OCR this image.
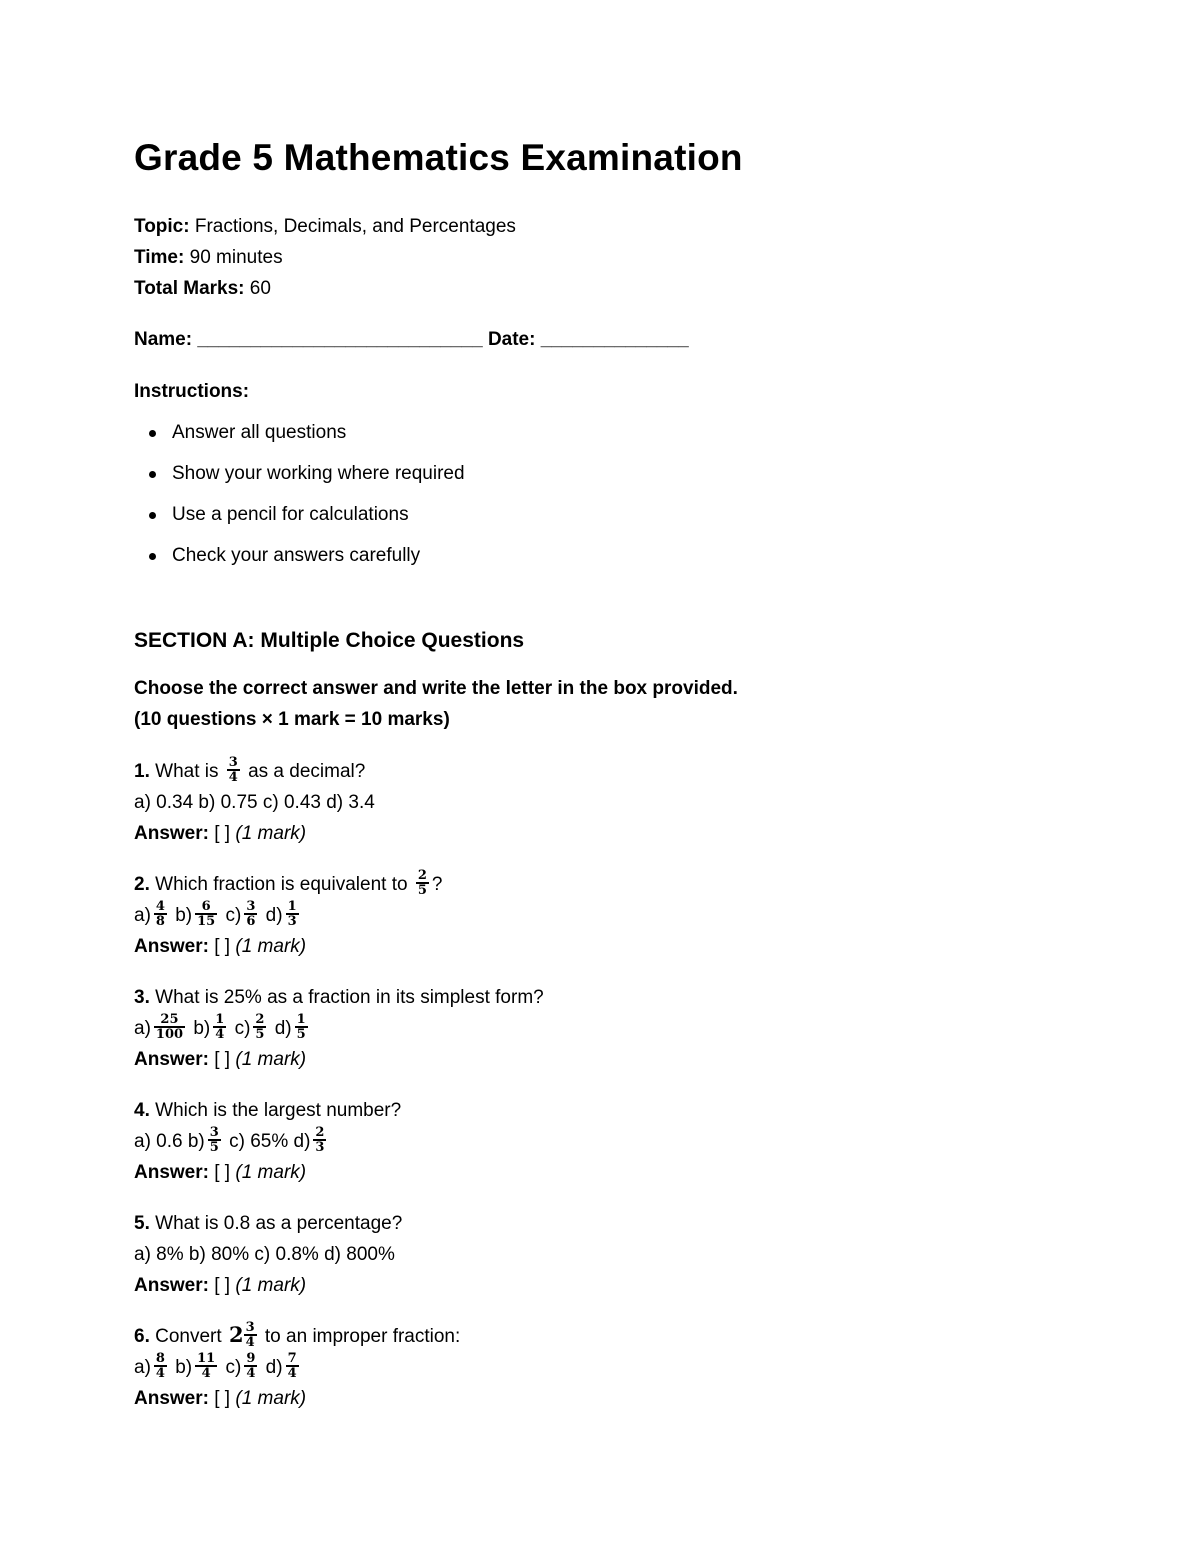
Grade 5 Mathematics Examination
Topic: Fractions, Decimals, and Percentages
Time: 90 minutes
Total Marks: 60
Name: ___________________________ Date: ______________
Instructions:
Answer all questions
Show your working where required
Use a pencil for calculations
Check your answers carefully
SECTION A: Multiple Choice Questions
Choose the correct answer and write the letter in the box provided.
(10 questions × 1 mark = 10 marks)
1. What is $\frac{3}{4}$ as a decimal?
a) 0.34 b) 0.75 c) 0.43 d) 3.4
Answer: [ ] (1 mark)
2. Which fraction is equivalent to $\frac{2}{5}$ ?
$a) \frac{4}{8} b) \frac{6}{15} c) \frac{3}{6} d) \frac{1}{3}$
Answer: [ ] (1 mark)
3. What is 25% as a fraction in its simplest form?
$a) \frac{25}{100} b) \frac{1}{4} c) \frac{2}{5} d) \frac{1}{5}$
Answer: [ ] (1 mark)
4. Which is the largest number?
a) 0.6 $b) \frac{3}{5} c$) 65% $d) \frac{2}{3}$
Answer: [ ] (1 mark)
5. What is 0.8 as a percentage?
a) 8% b) 80% c) 0.8% d) 800%
Answer: [ ] (1 mark)
6. Convert $2 \frac{3}{4}$ to an improper fraction:
$a) \frac{8}{4} b) \frac{11}{4} c) \frac{9}{4} d) \frac{7}{4}$
Answer: [ ] (1 mark)
